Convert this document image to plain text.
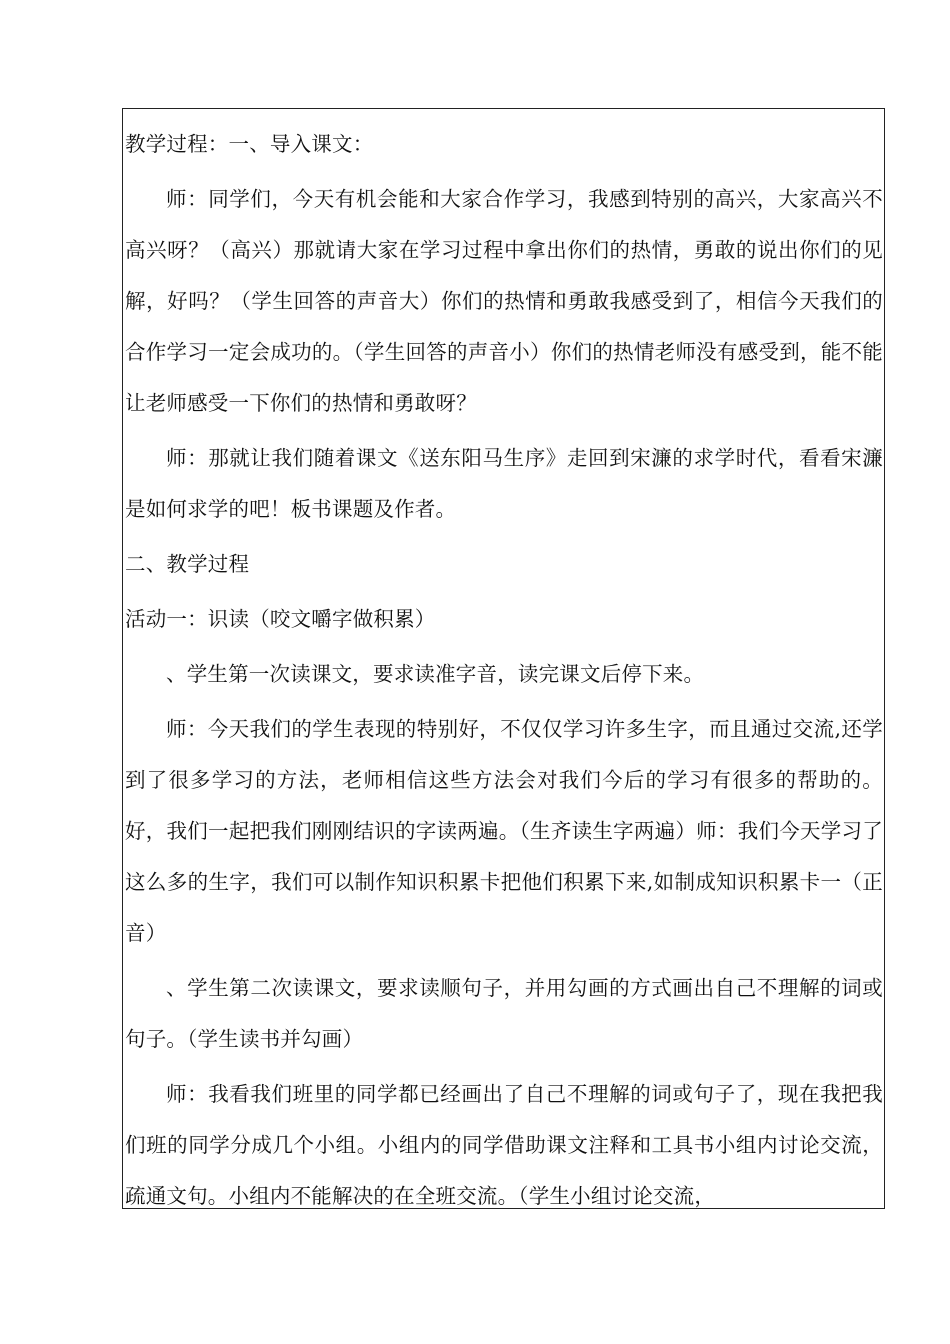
教学过程：一、导入课文：

师：同学们，今天有机会能和大家合作学习，我感到特别的高兴，大家高兴不高兴呀？（高兴）那就请大家在学习过程中拿出你们的热情，勇敢的说出你们的见解，好吗？（学生回答的声音大）你们的热情和勇敢我感受到了，相信今天我们的合作学习一定会成功的。（学生回答的声音小）你们的热情老师没有感受到，能不能让老师感受一下你们的热情和勇敢呀？

师：那就让我们随着课文《送东阳马生序》走回到宋濂的求学时代，看看宋濂是如何求学的吧！板书课题及作者。

二、教学过程

活动一：识读（咬文嚼字做积累）

、学生第一次读课文，要求读准字音，读完课文后停下来。

师：今天我们的学生表现的特别好，不仅仅学习许多生字，而且通过交流,还学到了很多学习的方法，老师相信这些方法会对我们今后的学习有很多的帮助的。好，我们一起把我们刚刚结识的字读两遍。（生齐读生字两遍）师：我们今天学习了这么多的生字，我们可以制作知识积累卡把他们积累下来,如制成知识积累卡一（正音）

、学生第二次读课文，要求读顺句子，并用勾画的方式画出自己不理解的词或句子。（学生读书并勾画）

师：我看我们班里的同学都已经画出了自己不理解的词或句子了，现在我把我们班的同学分成几个小组。小组内的同学借助课文注释和工具书小组内讨论交流，疏通文句。小组内不能解决的在全班交流。（学生小组讨论交流，
